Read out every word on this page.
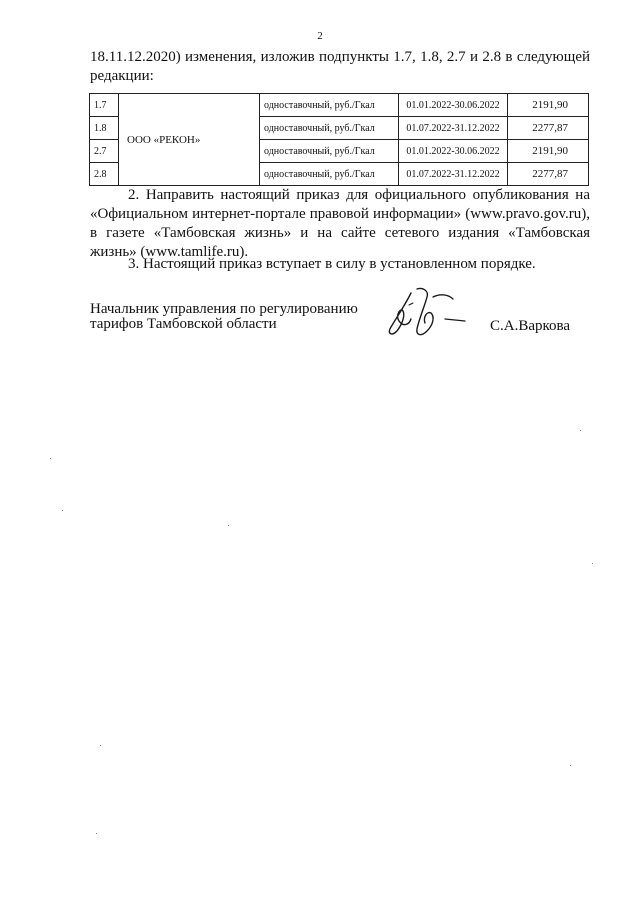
2
18.11.12.2020) изменения, изложив подпункты 1.7, 1.8, 2.7 и 2.8 в следующей редакции:
1.7	ООО «РЕКОН»	одноставочный, руб./Гкал	01.01.2022-30.06.2022	2191,90
1.8		одноставочный, руб./Гкал	01.07.2022-31.12.2022	2277,87
2.7		одноставочный, руб./Гкал	01.01.2022-30.06.2022	2191,90
2.8		одноставочный, руб./Гкал	01.07.2022-31.12.2022	2277,87
2. Направить настоящий приказ для официального опубликования на «Официальном интернет-портале правовой информации» (www.pravo.gov.ru), в газете «Тамбовская жизнь» и на сайте сетевого издания «Тамбовская жизнь» (www.tamlife.ru).
3. Настоящий приказ вступает в силу в установленном порядке.
Начальник управления по регулированию
тарифов Тамбовской области	С.А.Варкова
